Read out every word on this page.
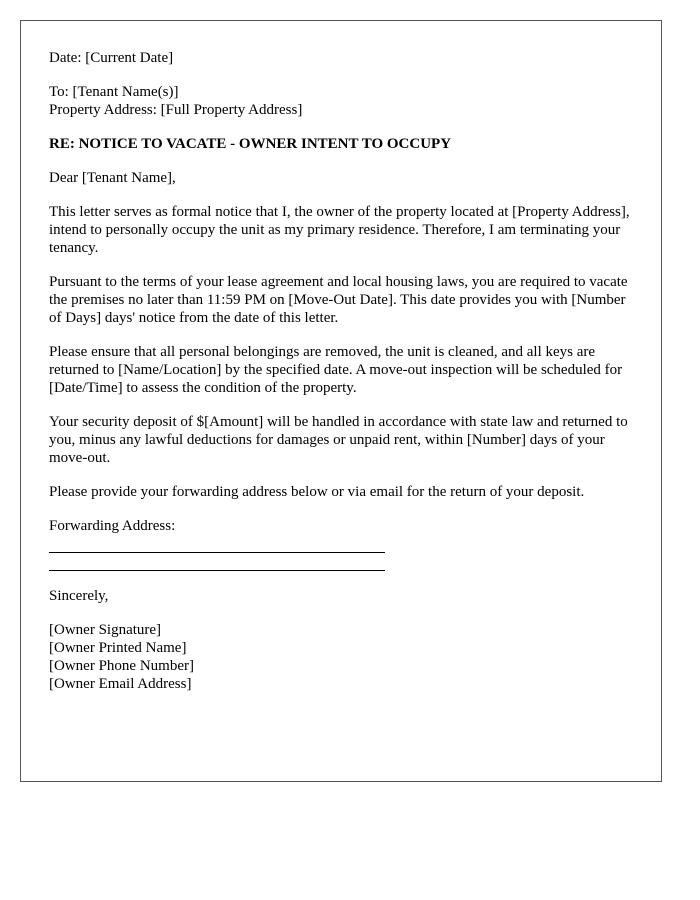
Date: [Current Date]
To: [Tenant Name(s)]
Property Address: [Full Property Address]
RE: NOTICE TO VACATE - OWNER INTENT TO OCCUPY
Dear [Tenant Name],
This letter serves as formal notice that I, the owner of the property located at [Property Address], intend to personally occupy the unit as my primary residence. Therefore, I am terminating your tenancy.
Pursuant to the terms of your lease agreement and local housing laws, you are required to vacate the premises no later than 11:59 PM on [Move-Out Date]. This date provides you with [Number of Days] days' notice from the date of this letter.
Please ensure that all personal belongings are removed, the unit is cleaned, and all keys are returned to [Name/Location] by the specified date. A move-out inspection will be scheduled for [Date/Time] to assess the condition of the property.
Your security deposit of $[Amount] will be handled in accordance with state law and returned to you, minus any lawful deductions for damages or unpaid rent, within [Number] days of your move-out.
Please provide your forwarding address below or via email for the return of your deposit.
Forwarding Address:
Sincerely,
[Owner Signature]
[Owner Printed Name]
[Owner Phone Number]
[Owner Email Address]
